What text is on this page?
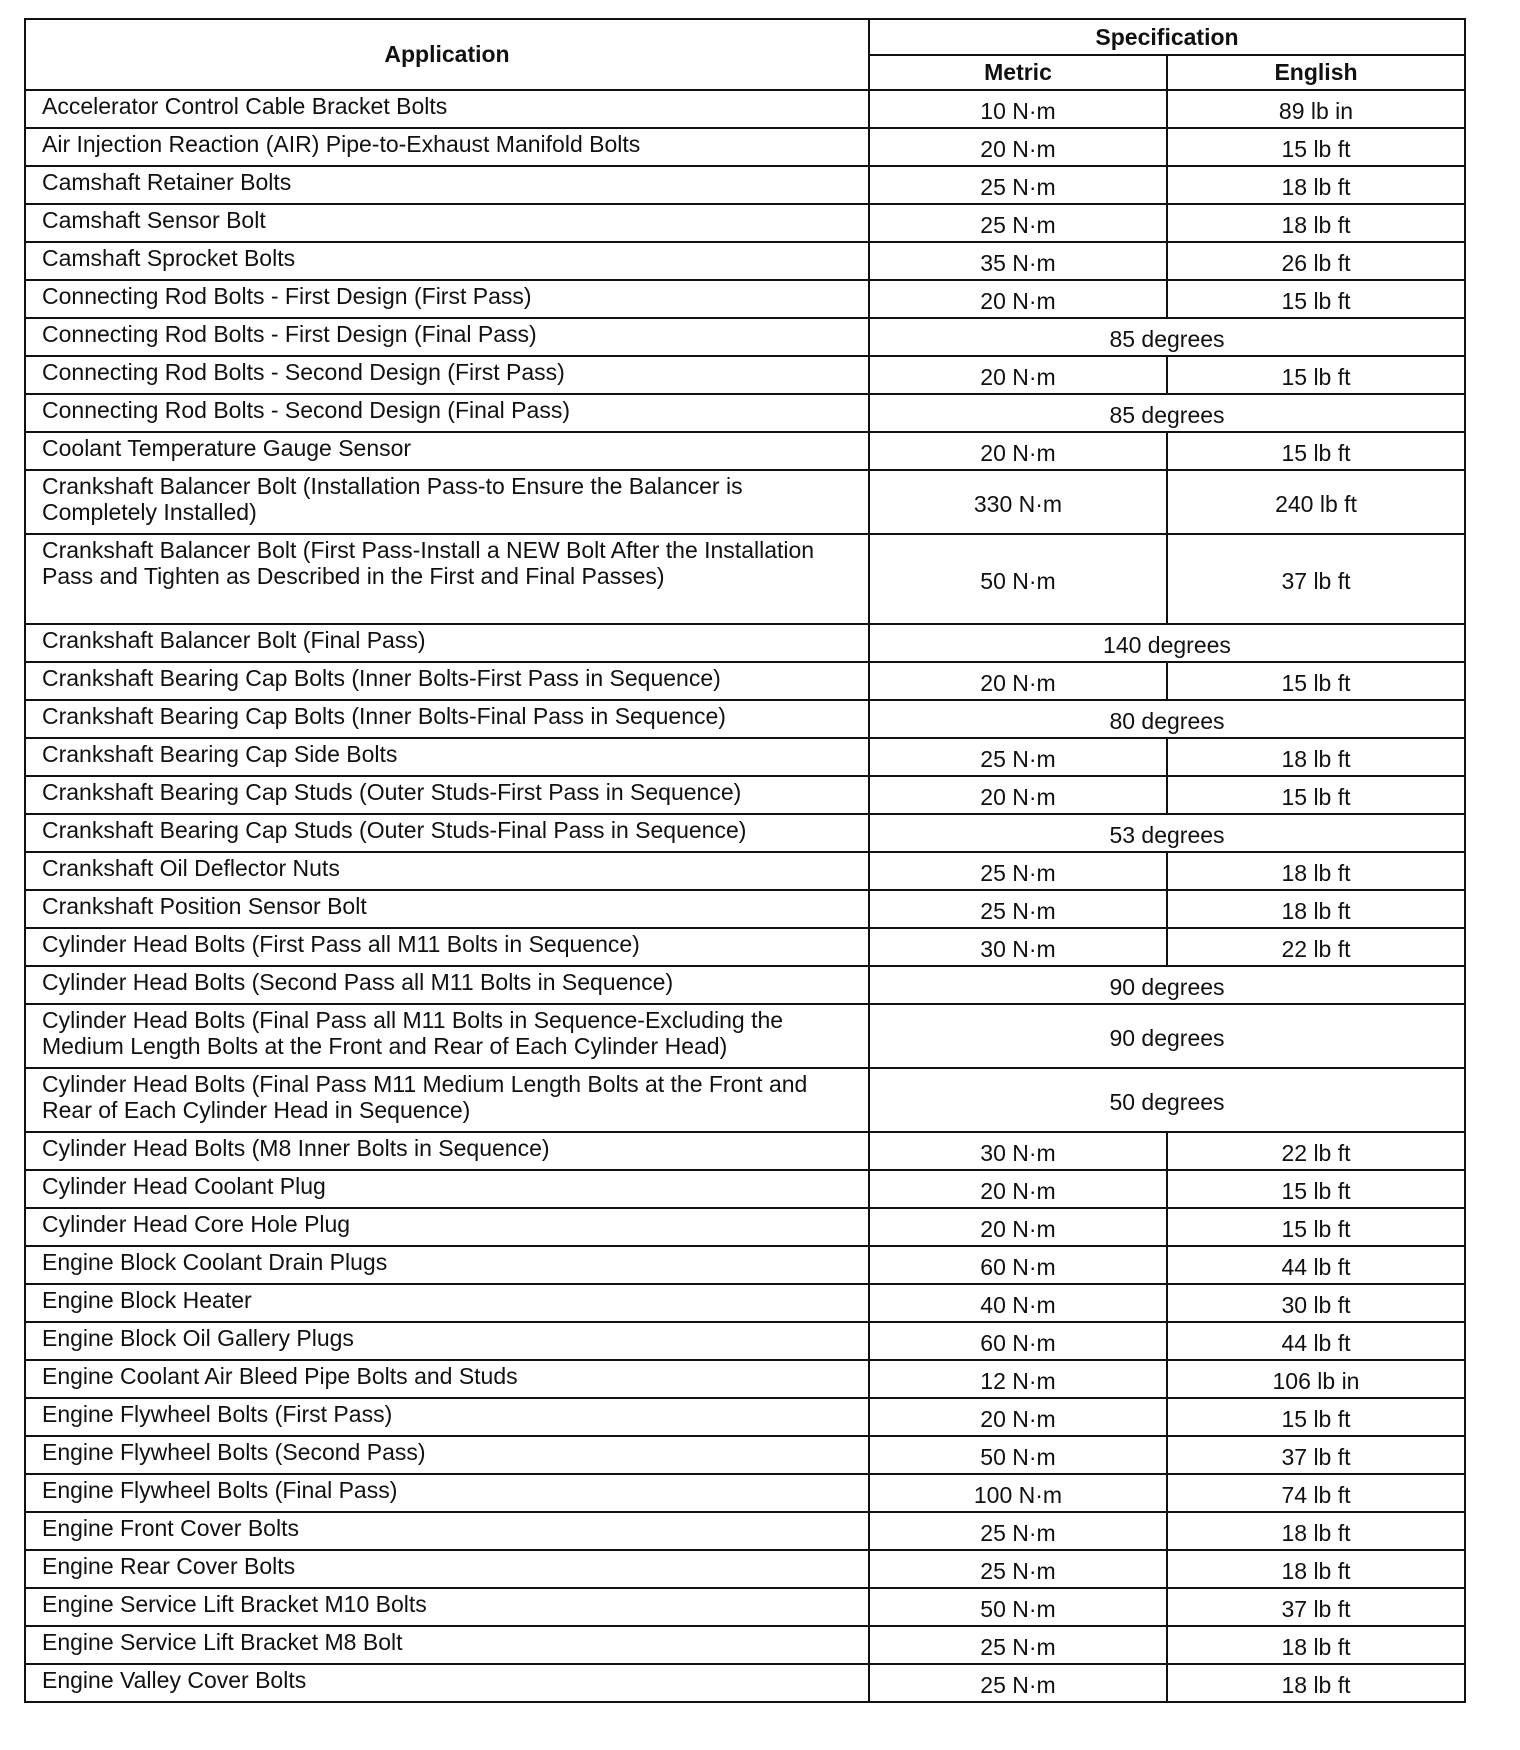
Application	Specification	
	Metric	English
Accelerator Control Cable Bracket Bolts	10 N·m	89 lb in
Air Injection Reaction (AIR) Pipe-to-Exhaust Manifold Bolts	20 N·m	15 lb ft
Camshaft Retainer Bolts	25 N·m	18 lb ft
Camshaft Sensor Bolt	25 N·m	18 lb ft
Camshaft Sprocket Bolts	35 N·m	26 lb ft
Connecting Rod Bolts - First Design (First Pass)	20 N·m	15 lb ft
Connecting Rod Bolts - First Design (Final Pass)	85 degrees	
Connecting Rod Bolts - Second Design (First Pass)	20 N·m	15 lb ft
Connecting Rod Bolts - Second Design (Final Pass)	85 degrees	
Coolant Temperature Gauge Sensor	20 N·m	15 lb ft
Crankshaft Balancer Bolt (Installation Pass-to Ensure the Balancer is Completely Installed)	330 N·m	240 lb ft
Crankshaft Balancer Bolt (First Pass-Install a NEW Bolt After the Installation Pass and Tighten as Described in the First and Final Passes)	50 N·m	37 lb ft
Crankshaft Balancer Bolt (Final Pass)	140 degrees	
Crankshaft Bearing Cap Bolts (Inner Bolts-First Pass in Sequence)	20 N·m	15 lb ft
Crankshaft Bearing Cap Bolts (Inner Bolts-Final Pass in Sequence)	80 degrees	
Crankshaft Bearing Cap Side Bolts	25 N·m	18 lb ft
Crankshaft Bearing Cap Studs (Outer Studs-First Pass in Sequence)	20 N·m	15 lb ft
Crankshaft Bearing Cap Studs (Outer Studs-Final Pass in Sequence)	53 degrees	
Crankshaft Oil Deflector Nuts	25 N·m	18 lb ft
Crankshaft Position Sensor Bolt	25 N·m	18 lb ft
Cylinder Head Bolts (First Pass all M11 Bolts in Sequence)	30 N·m	22 lb ft
Cylinder Head Bolts (Second Pass all M11 Bolts in Sequence)	90 degrees	
Cylinder Head Bolts (Final Pass all M11 Bolts in Sequence-Excluding the Medium Length Bolts at the Front and Rear of Each Cylinder Head)	90 degrees	
Cylinder Head Bolts (Final Pass M11 Medium Length Bolts at the Front and Rear of Each Cylinder Head in Sequence)	50 degrees	
Cylinder Head Bolts (M8 Inner Bolts in Sequence)	30 N·m	22 lb ft
Cylinder Head Coolant Plug	20 N·m	15 lb ft
Cylinder Head Core Hole Plug	20 N·m	15 lb ft
Engine Block Coolant Drain Plugs	60 N·m	44 lb ft
Engine Block Heater	40 N·m	30 lb ft
Engine Block Oil Gallery Plugs	60 N·m	44 lb ft
Engine Coolant Air Bleed Pipe Bolts and Studs	12 N·m	106 lb in
Engine Flywheel Bolts (First Pass)	20 N·m	15 lb ft
Engine Flywheel Bolts (Second Pass)	50 N·m	37 lb ft
Engine Flywheel Bolts (Final Pass)	100 N·m	74 lb ft
Engine Front Cover Bolts	25 N·m	18 lb ft
Engine Rear Cover Bolts	25 N·m	18 lb ft
Engine Service Lift Bracket M10 Bolts	50 N·m	37 lb ft
Engine Service Lift Bracket M8 Bolt	25 N·m	18 lb ft
Engine Valley Cover Bolts	25 N·m	18 lb ft
